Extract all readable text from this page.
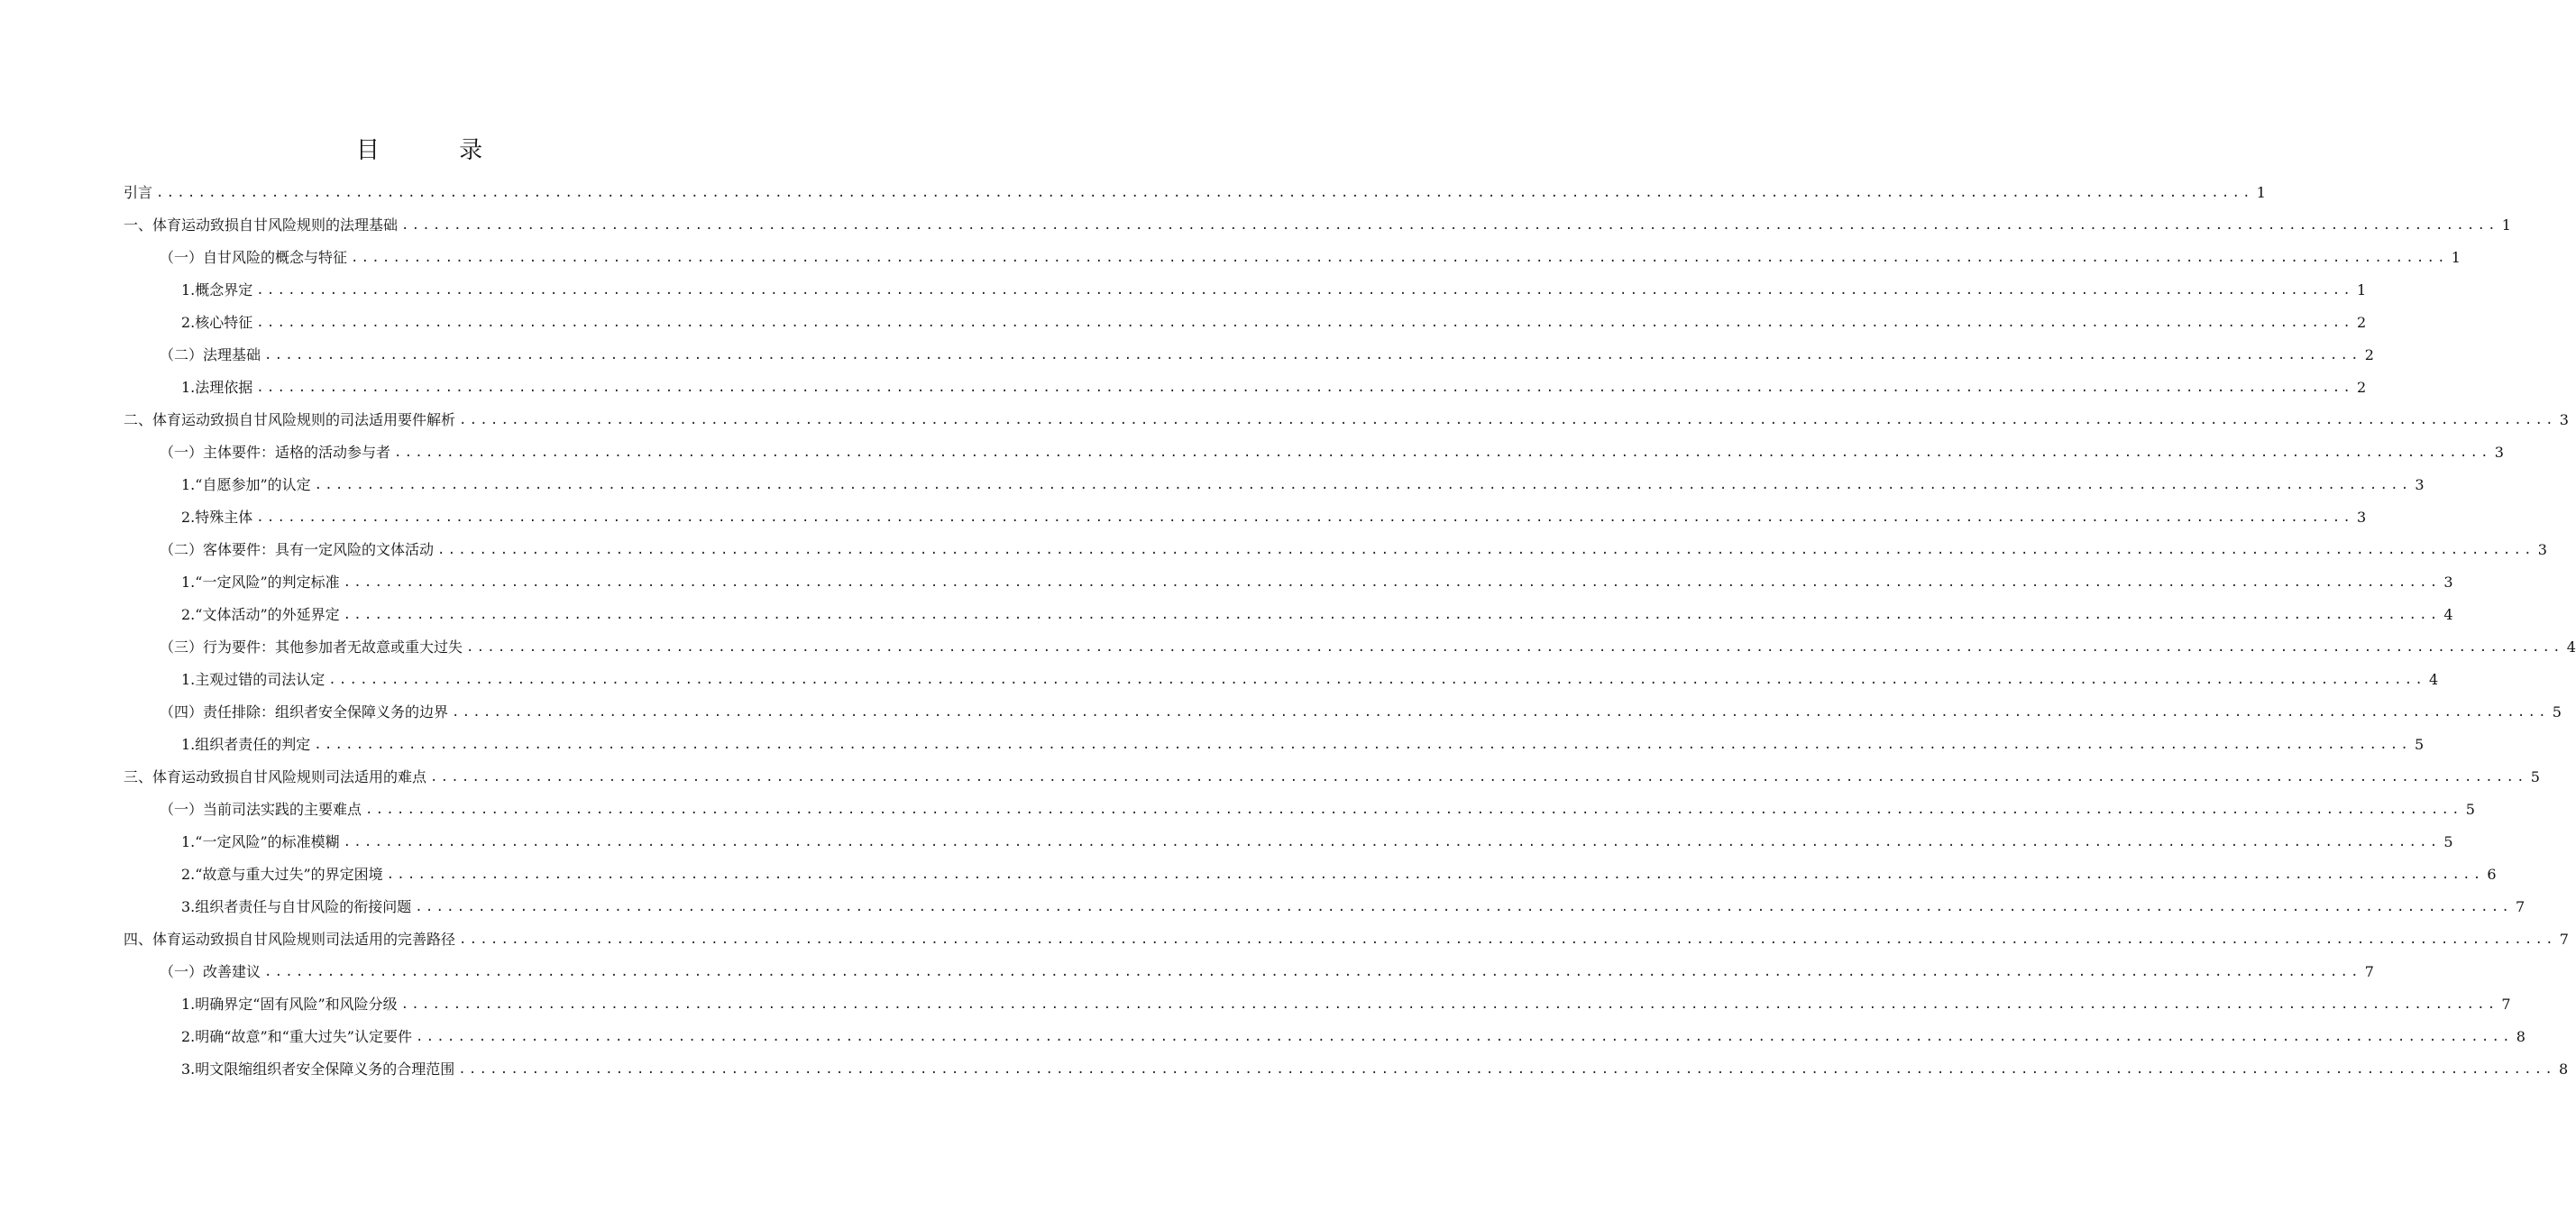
目 录
引言 ........................................................................................................................................................................................................ 1
一、体育运动致损自甘风险规则的法理基础 ........................................................................................................................................................................................................ 1
（一）自甘风险的概念与特征 ........................................................................................................................................................................................................ 1
1.概念界定 ........................................................................................................................................................................................................ 1
2.核心特征 ........................................................................................................................................................................................................ 2
（二）法理基础 ........................................................................................................................................................................................................ 2
1.法理依据 ........................................................................................................................................................................................................ 2
二、体育运动致损自甘风险规则的司法适用要件解析 ........................................................................................................................................................................................................ 3
（一）主体要件：适格的活动参与者 ........................................................................................................................................................................................................ 3
1.“自愿参加”的认定 ........................................................................................................................................................................................................ 3
2.特殊主体 ........................................................................................................................................................................................................ 3
（二）客体要件：具有一定风险的文体活动 ........................................................................................................................................................................................................ 3
1.“一定风险”的判定标准 ........................................................................................................................................................................................................ 3
2.“文体活动”的外延界定 ........................................................................................................................................................................................................ 4
（三）行为要件：其他参加者无故意或重大过失 ........................................................................................................................................................................................................ 4
1.主观过错的司法认定 ........................................................................................................................................................................................................ 4
（四）责任排除：组织者安全保障义务的边界 ........................................................................................................................................................................................................ 5
1.组织者责任的判定 ........................................................................................................................................................................................................ 5
三、体育运动致损自甘风险规则司法适用的难点 ........................................................................................................................................................................................................ 5
（一）当前司法实践的主要难点 ........................................................................................................................................................................................................ 5
1.“一定风险”的标准模糊 ........................................................................................................................................................................................................ 5
2.“故意与重大过失”的界定困境 ........................................................................................................................................................................................................ 6
3.组织者责任与自甘风险的衔接问题 ........................................................................................................................................................................................................ 7
四、体育运动致损自甘风险规则司法适用的完善路径 ........................................................................................................................................................................................................ 7
（一）改善建议 ........................................................................................................................................................................................................ 7
1.明确界定“固有风险”和风险分级 ........................................................................................................................................................................................................ 7
2.明确“故意”和“重大过失”认定要件 ........................................................................................................................................................................................................ 8
3.明文限缩组织者安全保障义务的合理范围 ........................................................................................................................................................................................................ 8
